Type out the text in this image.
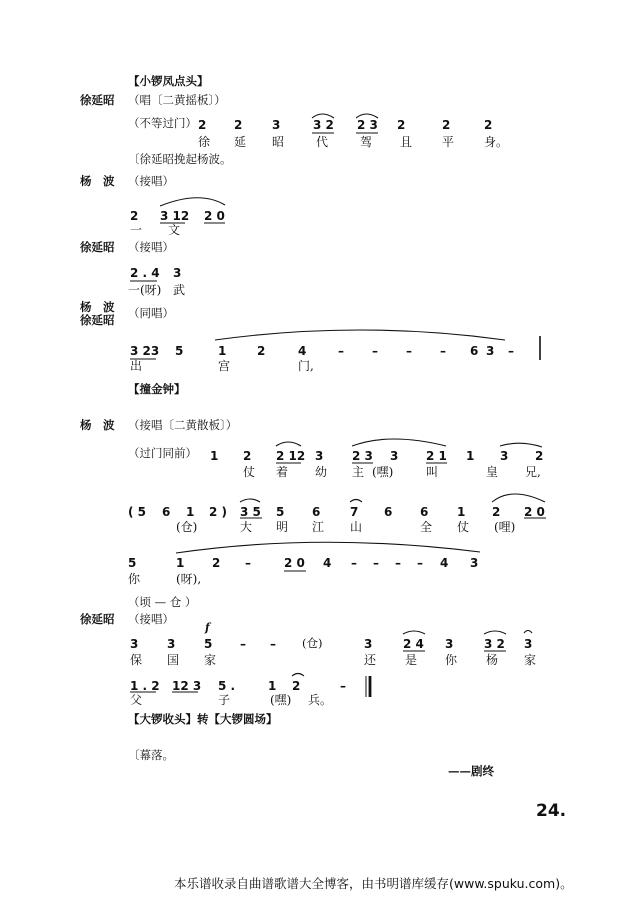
【小锣凤点头】
徐延昭 （唱〔二黄摇板〕）
（不等过门） 2 2 3	3 2 2 3 2	2	2
徐 延 昭	代	驾 且 平 身。
〔徐延昭挽起杨波。
杨　波 （接唱）
2 3 12 2 0
一 文
徐延昭 （接唱）
2 . 4 3
一(呀) 武
杨　波
徐延昭 （同唱）
3 23 5	1	2	4	– – – – 6 3 –
出	宫	门,
【撞金钟】
杨　波 （接唱〔二黄散板〕）
（过门同前） 1 2 2 12 3 2 3 3 2 1 1 3 2
仗 着 幼 主 (嘿)	叫	皇 兄,
( 5 6 1 2 ) 3 5 5 6 7 6 6 1 2 2 0
(仓)	大 明 江 山	全 仗 (哩)
5	1 2 –	2 0 4 – – – – 4 3
你	(呀),
（顷 — 仓 ）
徐延昭 （接唱）
f
3 3 5 – – (仓)	3	2 4 3	3 2 3
保 国 家	还 是 你 杨 家
1 . 2 12 3 5 .	1 2	–
父	子	(嘿) 兵。
【大锣收头】转【大锣圆场】
〔幕落。
——剧终
24.
本乐谱收录自曲谱歌谱大全博客，由书明谱库缓存(www.spuku.com)。
